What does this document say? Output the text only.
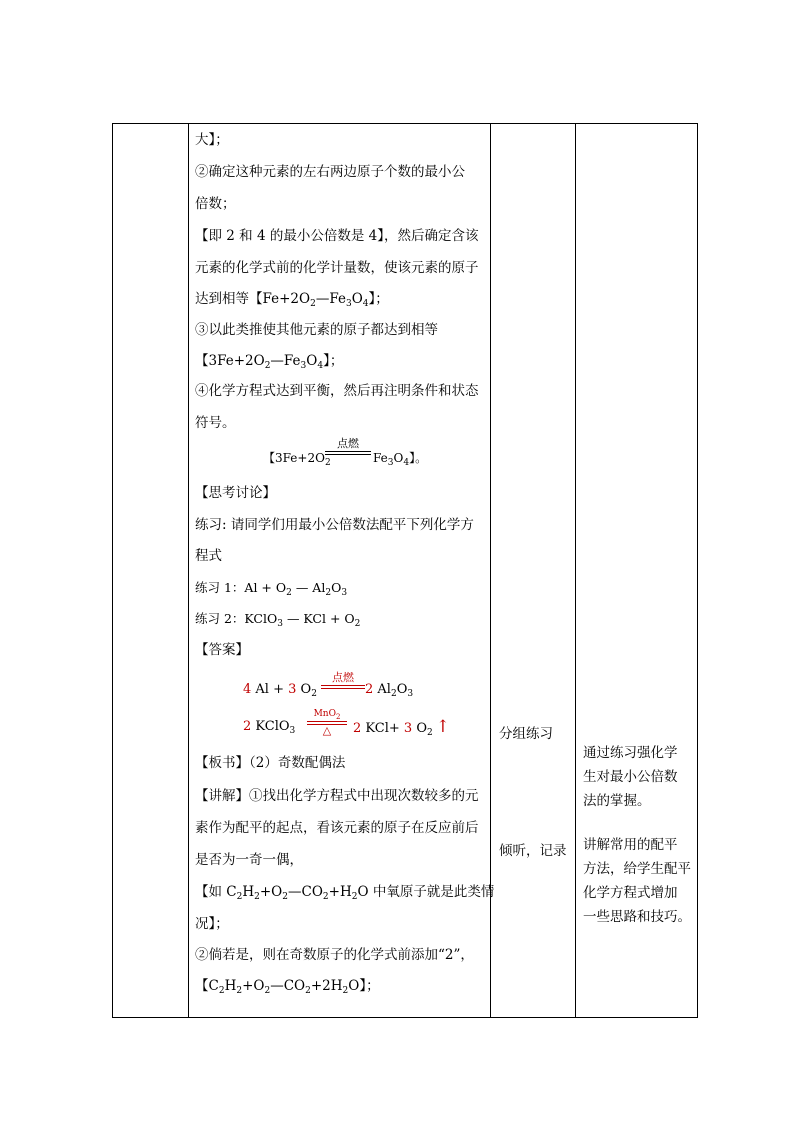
大】；
②确定这种元素的左右两边原子个数的最小公
倍数；
【即 2 和 4 的最小公倍数是 4】，然后确定含该
元素的化学式前的化学计量数，使该元素的原子
达到相等【$Fe+2O_2—Fe_3O_4$】；
③以此类推使其他元素的原子都达到相等
【$3Fe+2O_2—Fe_3O_4$】；
④化学方程式达到平衡，然后再注明条件和状态
符号。
【$3Fe+2O_2$
点燃
$Fe_3O_4$】。
【思考讨论】
练习: 请同学们用最小公倍数法配平下列化学方
程式
练习 1：$Al + O_2$ — $Al_2O_3$
练习 2：KClO$_3$ — KCl + $O_2$
【答案】
4 Al + 3 $O_2$
点燃
2 $Al_2O_3$
2 KClO$_3$
MnO$_2$
△	2 KCl+ 3 $O_2$ ↑
【板书】（2）奇数配偶法
【讲解】①找出化学方程式中出现次数较多的元
素作为配平的起点，看该元素的原子在反应前后
是否为一奇一偶，
【如 $C_2H_2+O_2—CO_2+H_2O$ 中氧原子就是此类情
况】；
②倘若是，则在奇数原子的化学式前添加“2”，
【$C_2H_2+O_2—CO_2+2H_2O$】；
分组练习
倾听，记录
通过练习强化学
生对最小公倍数
法的掌握。
讲解常用的配平
方法，给学生配平
化学方程式增加
一些思路和技巧。
